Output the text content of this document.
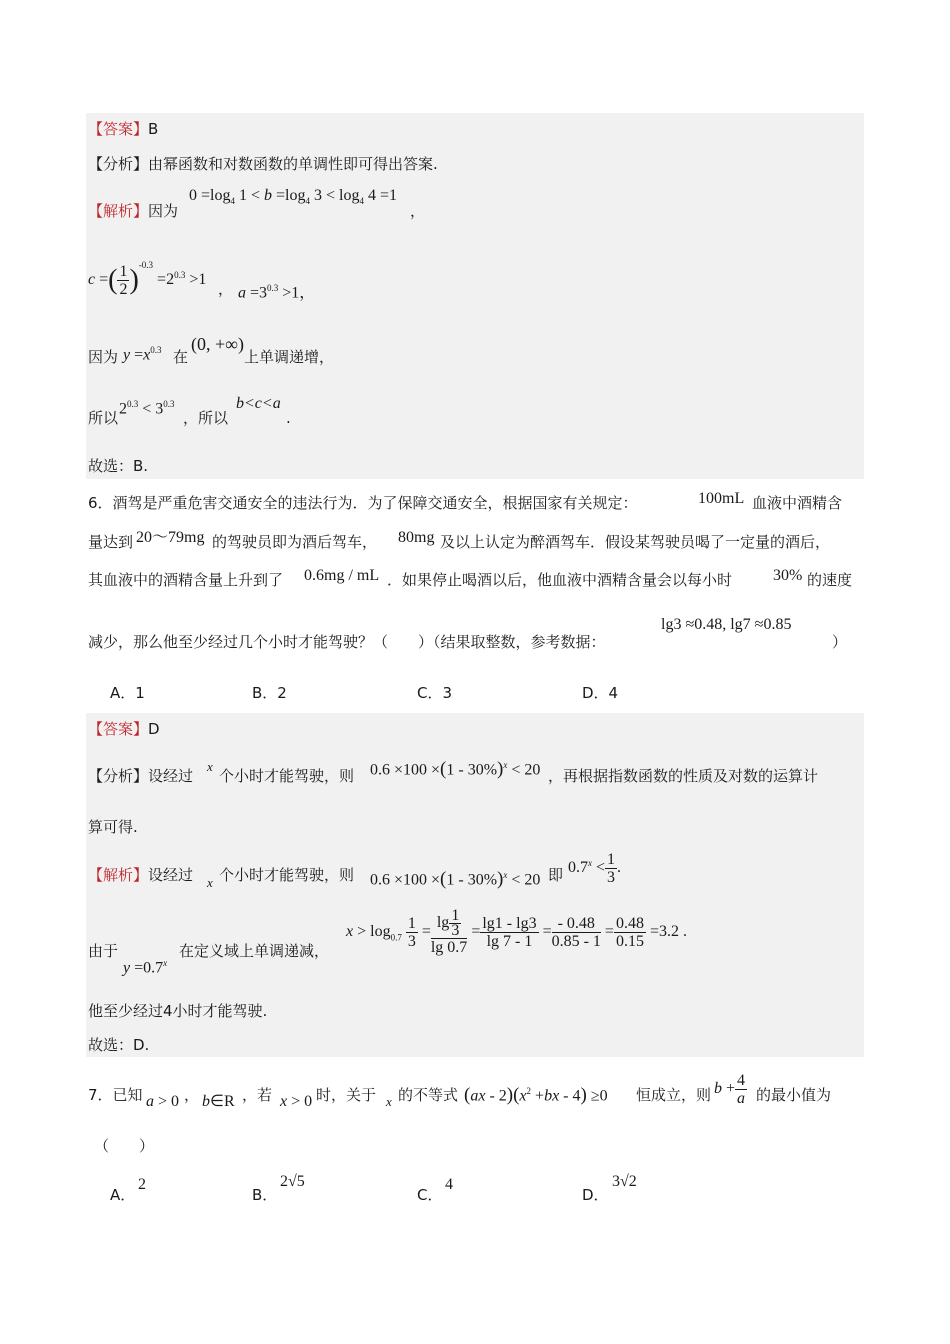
【答案】B
【分析】由幂函数和对数函数的单调性即可得出答案.
【解析】因为
$0 =\log_4$ $1 < b =\log_4$ $3 < \log_4 4 =1$
，
c =( $\frac{1}{2} )^{-0.3} =2^{0.3} >1$
， $a =3^{0.3} >1$，
因为 $y =x^{0.3}$ 在
(0, +∞)
上单调递增，
所以
$2^{0.3} < 3^{0.3}$
，所以
b<c<a
.
故选：B.
6．酒驾是严重危害交通安全的违法行为．为了保障交通安全，根据国家有关规定：	100mL 血液中酒精含
量达到 20～79mg 的驾驶员即为酒后驾车， 80mg 及以上认定为醉酒驾车．假设某驾驶员喝了一定量的酒后，
其血液中的酒精含量上升到了 0.6mg / mL ．如果停止喝酒以后，他血液中酒精含量会以每小时	30% 的速度
减少，那么他至少经过几个小时才能驾驶？（　　）（结果取整数，参考数据：
lg3 ≈0.48, lg7 ≈0.85
）
A．1	B．2	C．3	D．4
【答案】D
【分析】设经过
x
个小时才能驾驶，则 0.6 ×100 ×(1 - 30%)$^x$ < 20 ，再根据指数函数的性质及对数的运算计
算可得.
【解析】设经过 x 个小时才能驾驶，则 0.6 ×100 ×(1 - 30%)$^x$ < 20 即 $0.7^x < \frac{1}{3}$ .
由于
$y =0.7^x$
在定义域上单调递减，
$x > \log_{0.7} \frac{1}{3} = \frac{\lg \frac{1}{3}}{\lg 0.7} = \frac{\lg 1 - \lg 3}{\lg 7 - 1} = \frac{- 0.48}{0.85 - 1} = \frac{0.48}{0.15} =3.2$ .
他至少经过4小时才能驾驶.
故选：D.
7．已知 a > 0 ， b∈R ，若 x > 0 时，关于 x 的不等式 $(ax - 2)(x^2 +bx - 4) \ge 0$ 恒成立，则 $b + \frac{4}{a}$ 的最小值为
（　　）
A．
2
B．
2√5
C．
4
D．
3√2
